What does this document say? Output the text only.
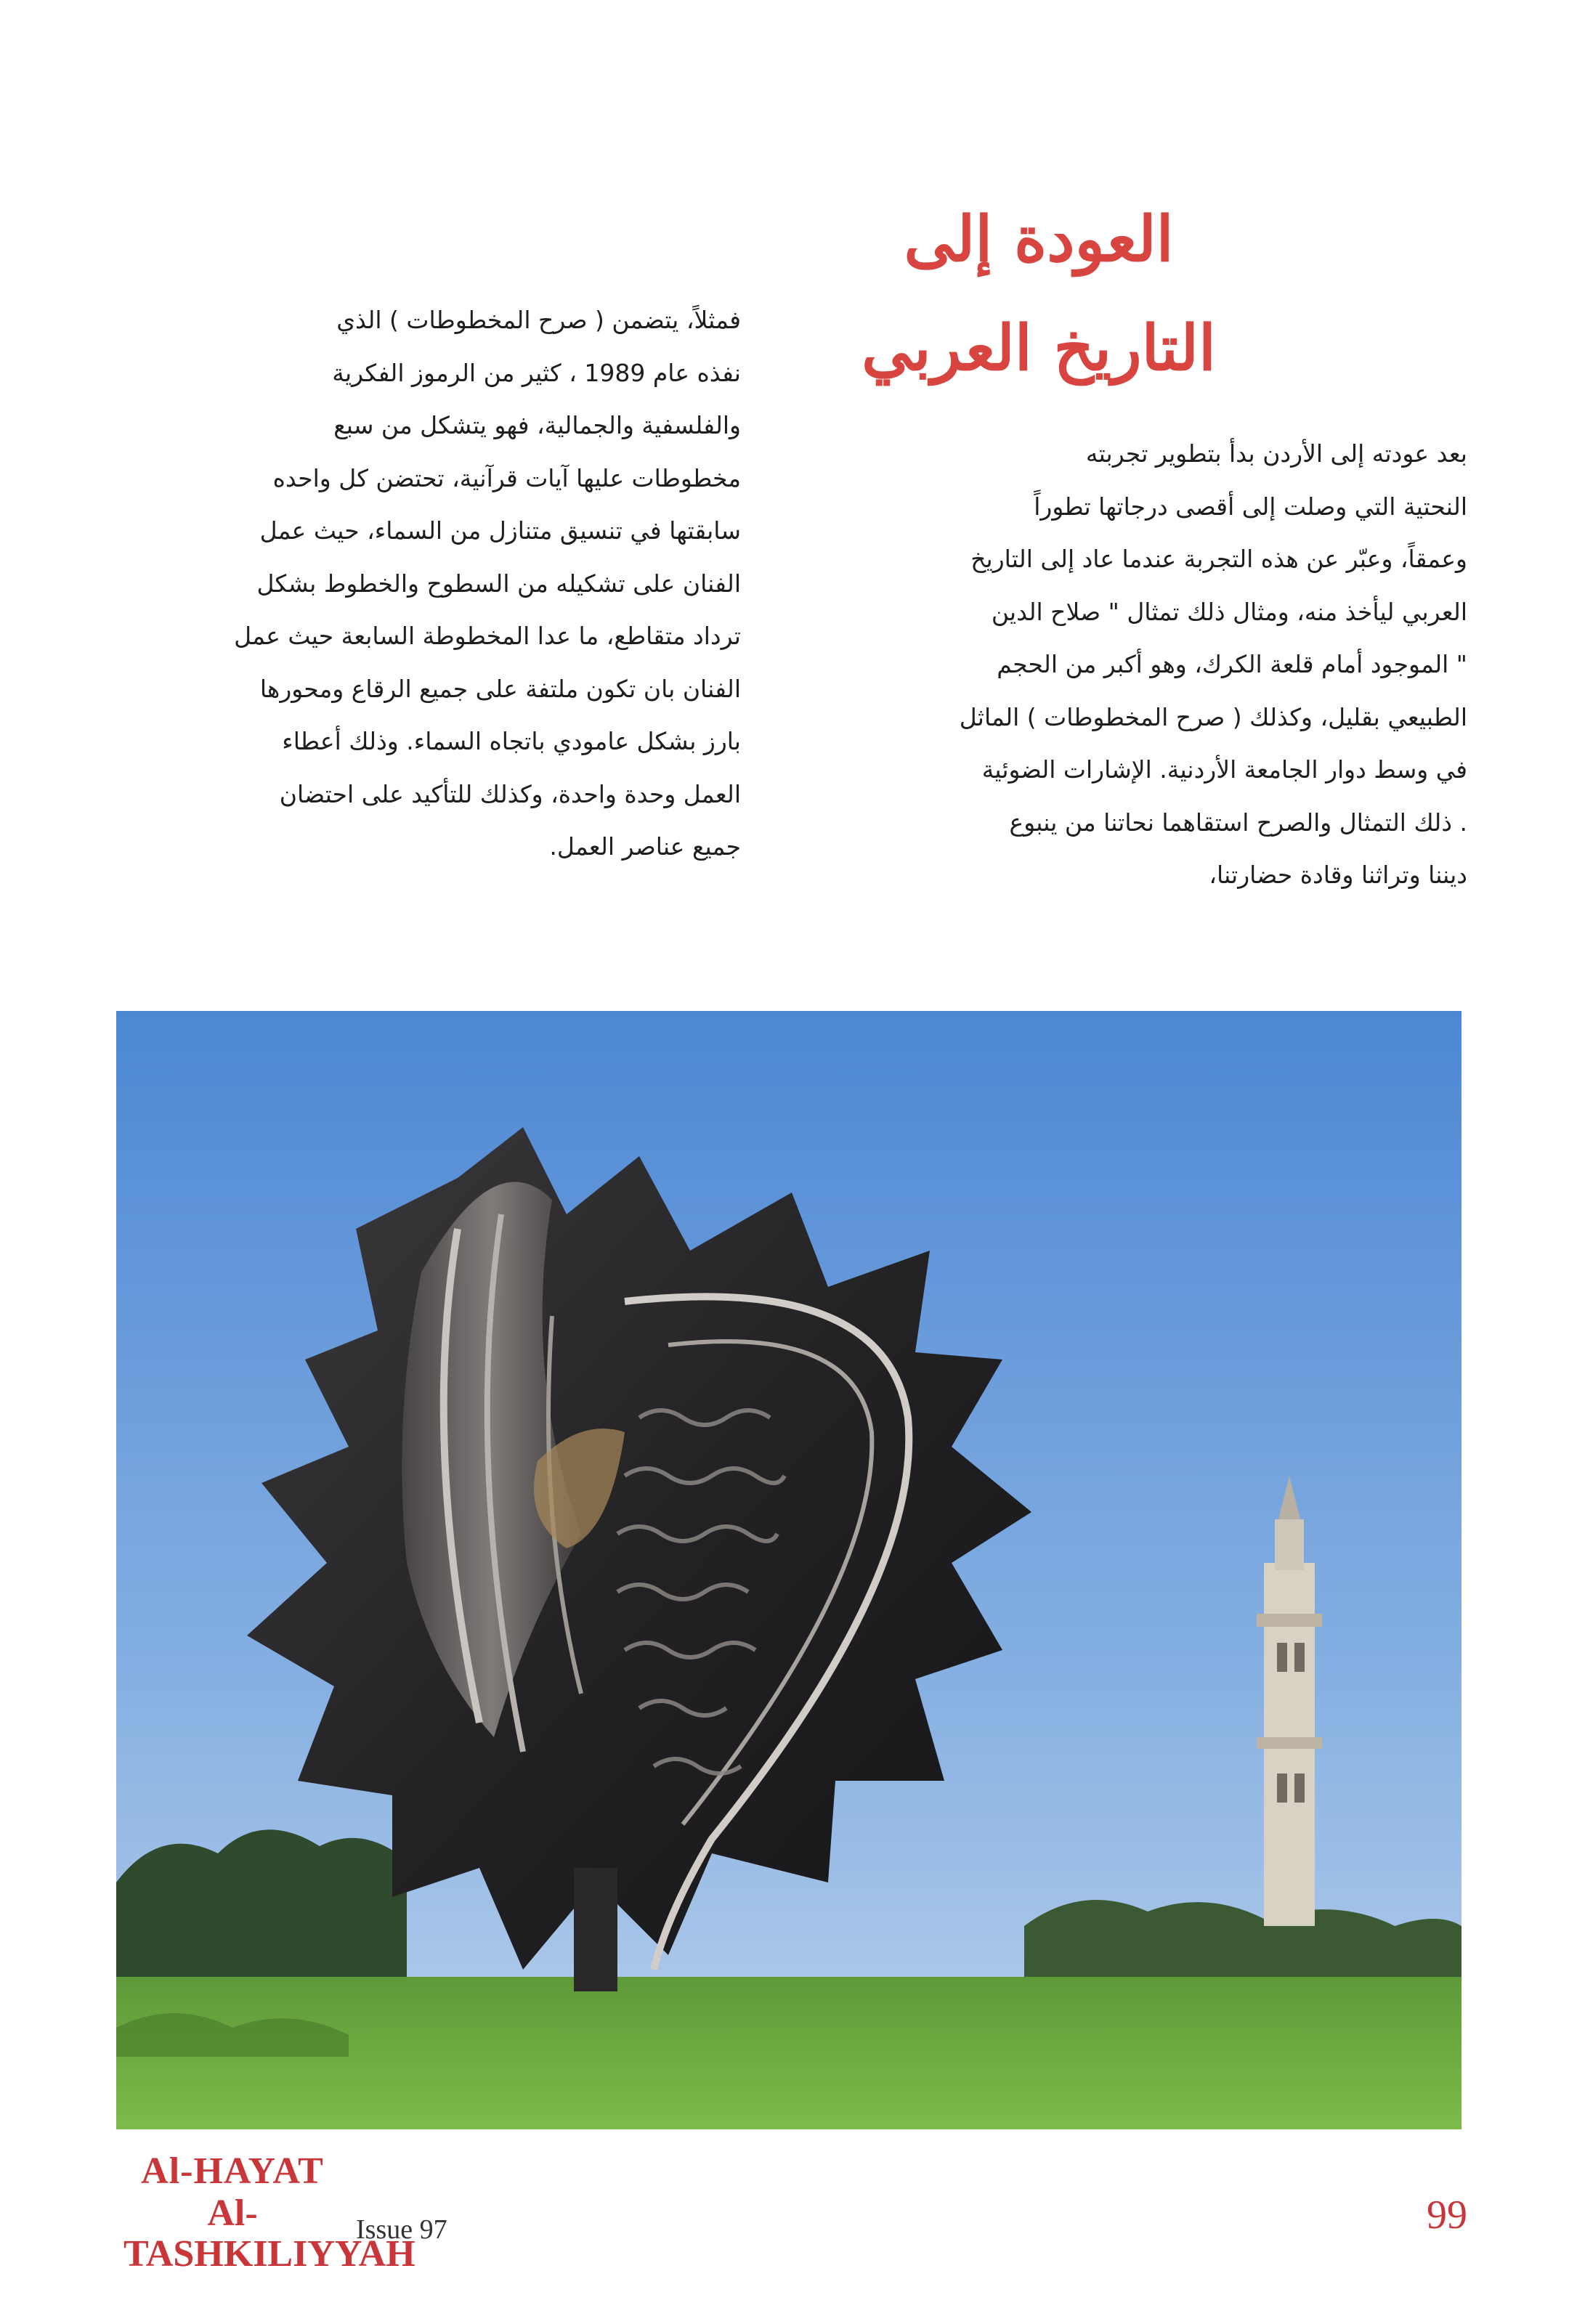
العودة إلى
التاريخ العربي

بعد عودته إلى الأردن بدأ بتطوير تجربته

النحتية التي وصلت إلى أقصى درجاتها تطوراً

وعمقاً، وعبّر عن هذه التجربة عندما عاد إلى التاريخ

العربي ليأخذ منه، ومثال ذلك تمثال " صلاح الدين

" الموجود أمام قلعة الكرك، وهو أكبر من الحجم

الطبيعي بقليل، وكذلك ( صرح المخطوطات ) الماثل

في وسط دوار الجامعة الأردنية. الإشارات الضوئية

. ذلك التمثال والصرح استقاهما نحاتنا من ينبوع

ديننا وتراثنا وقادة حضارتنا،

فمثلاً، يتضمن ( صرح المخطوطات ) الذي

نفذه عام 1989 ، كثير من الرموز الفكرية

والفلسفية والجمالية، فهو يتشكل من سبع

مخطوطات عليها آيات قرآنية، تحتضن كل واحده

سابقتها في تنسيق متنازل من السماء، حيث عمل

الفنان على تشكيله من السطوح والخطوط بشكل

ترداد متقاطع، ما عدا المخطوطة السابعة حيث عمل

الفنان بان تكون ملتفة على جميع الرقاع ومحورها

بارز بشكل عامودي باتجاه السماء. وذلك أعطاء

العمل وحدة واحدة، وكذلك للتأكيد على احتضان

جميع عناصر العمل.

Al-HAYAT
Al-TASHKILIYYAH
Issue 97	99
